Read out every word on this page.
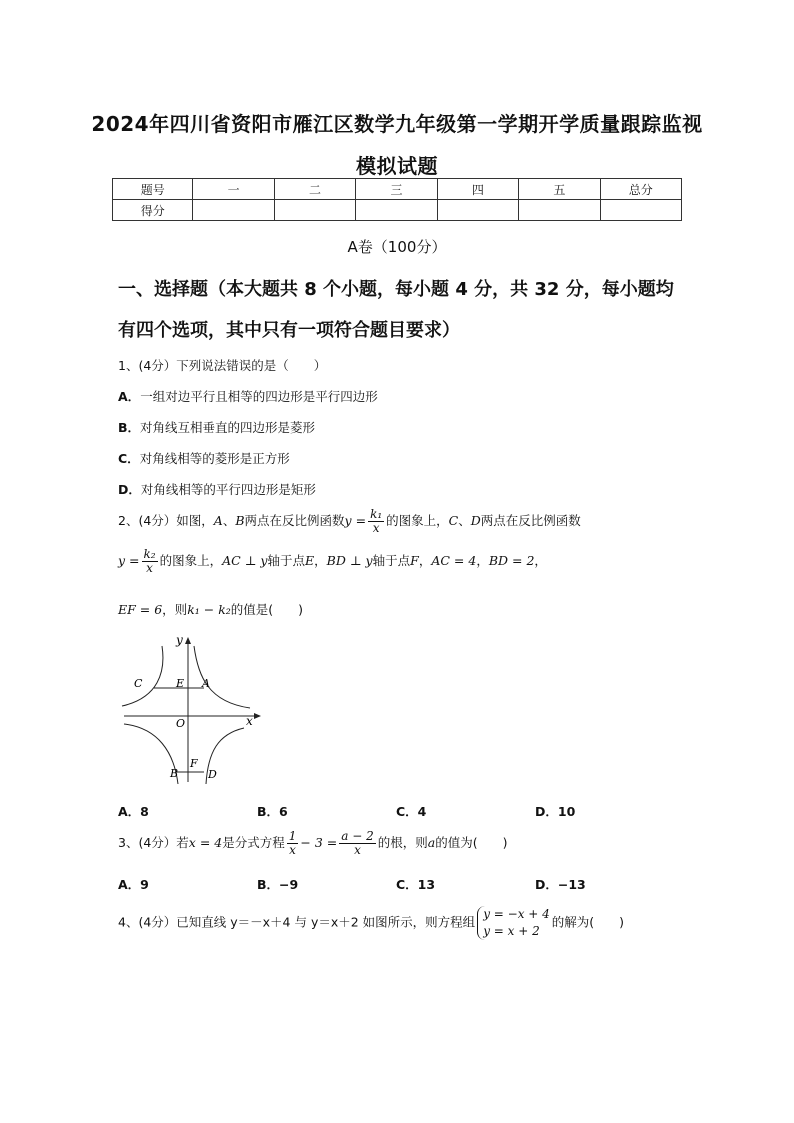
2024年四川省资阳市雁江区数学九年级第一学期开学质量跟踪监视
模拟试题
题号	一	二	三	四	五	总分
得分						
A卷（100分）
一、选择题（本大题共 8 个小题，每小题 4 分，共 32 分，每小题均
有四个选项，其中只有一项符合题目要求）
1、(4分）下列说法错误的是（　　）
A．一组对边平行且相等的四边形是平行四边形
B．对角线互相垂直的四边形是菱形
C．对角线相等的菱形是正方形
D．对角线相等的平行四边形是矩形
2、(4分）如图，A、B两点在反比例函数$y = \frac{\text{k₁}}{x}$ 的图象上，C、D两点在反比例函数
$y = \frac{\text{k₂}}{x}$ 的图象上，AC ⊥ y轴于点E，BD ⊥ y轴于点F，AC = 4，BD = 2，
EF = 6，则k₁ − k₂的值是(　　)
y
x
O
C	E A
F
B	D
A．8	B．6	C．4	D．10
3、(4分）若x = 4是分式方程 $\frac{1}{x} - 3 = \frac{a - 2}{x}$ 的根，则a的值为(　　)
A．9	B．−9	C．13	D．−13
4、(4分）已知直线 y＝－x＋4 与 y＝x＋2 如图所示，则方程组
y = −x + 4
y = x + 2
的解为(　　)
